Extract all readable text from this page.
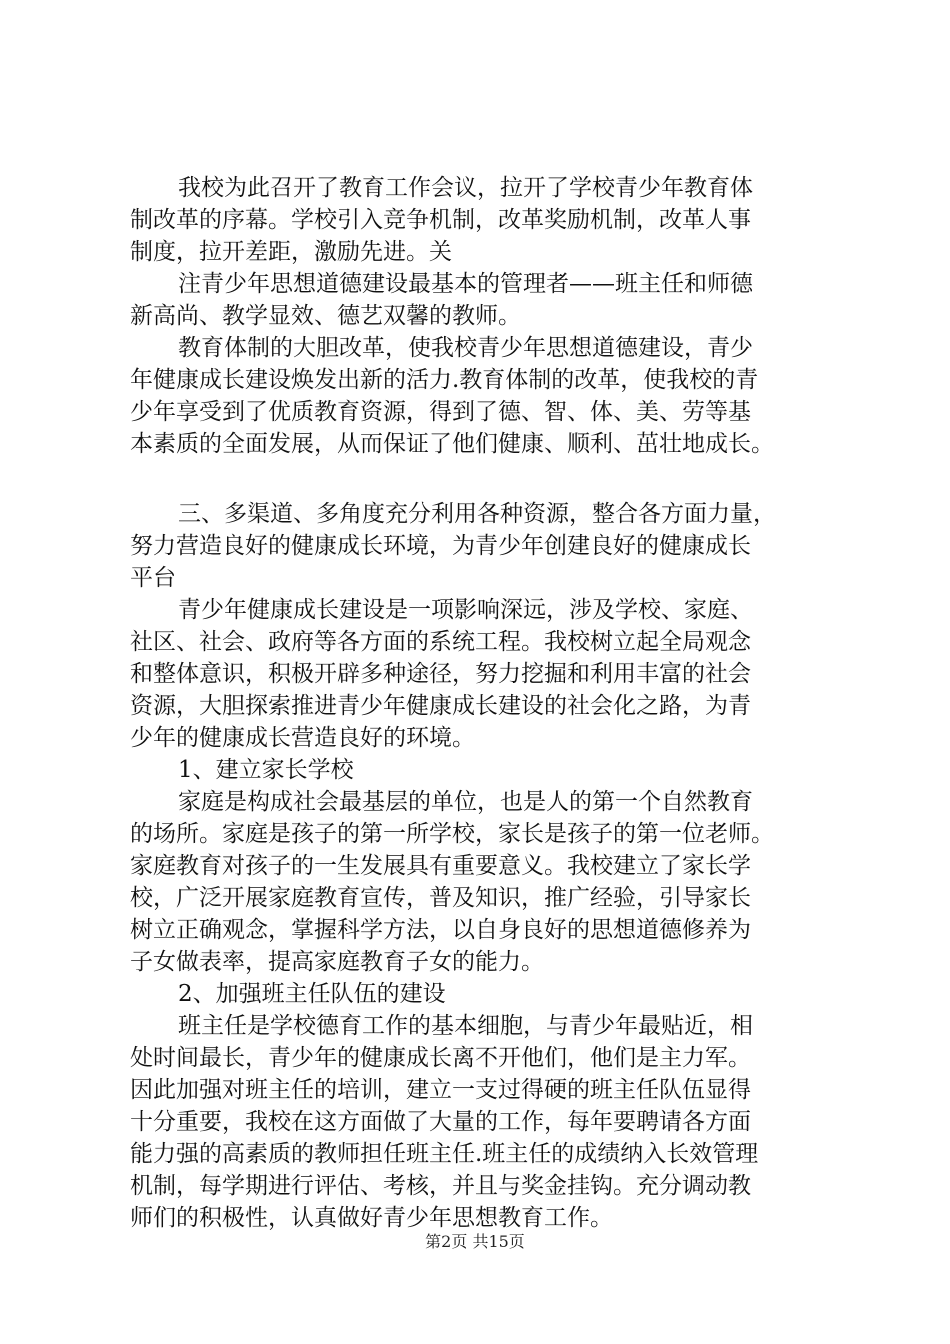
我校为此召开了教育工作会议，拉开了学校青少年教育体
制改革的序幕。学校引入竞争机制，改革奖励机制，改革人事
制度，拉开差距，激励先进。关
注青少年思想道德建设最基本的管理者——班主任和师德
新高尚、教学显效、德艺双馨的教师。
教育体制的大胆改革，使我校青少年思想道德建设，青少
年健康成长建设焕发出新的活力.教育体制的改革，使我校的青
少年享受到了优质教育资源，得到了德、智、体、美、劳等基
本素质的全面发展，从而保证了他们健康、顺利、茁壮地成长。
三、多渠道、多角度充分利用各种资源，整合各方面力量，
努力营造良好的健康成长环境，为青少年创建良好的健康成长
平台
青少年健康成长建设是一项影响深远，涉及学校、家庭、
社区、社会、政府等各方面的系统工程。我校树立起全局观念
和整体意识，积极开辟多种途径，努力挖掘和利用丰富的社会
资源，大胆探索推进青少年健康成长建设的社会化之路，为青
少年的健康成长营造良好的环境。
1、建立家长学校
家庭是构成社会最基层的单位，也是人的第一个自然教育
的场所。家庭是孩子的第一所学校，家长是孩子的第一位老师。
家庭教育对孩子的一生发展具有重要意义。我校建立了家长学
校，广泛开展家庭教育宣传，普及知识，推广经验，引导家长
树立正确观念，掌握科学方法，以自身良好的思想道德修养为
子女做表率，提高家庭教育子女的能力。
2、加强班主任队伍的建设
班主任是学校德育工作的基本细胞，与青少年最贴近，相
处时间最长，青少年的健康成长离不开他们，他们是主力军。
因此加强对班主任的培训，建立一支过得硬的班主任队伍显得
十分重要，我校在这方面做了大量的工作，每年要聘请各方面
能力强的高素质的教师担任班主任.班主任的成绩纳入长效管理
机制，每学期进行评估、考核，并且与奖金挂钩。充分调动教
师们的积极性，认真做好青少年思想教育工作。
第2页 共15页
